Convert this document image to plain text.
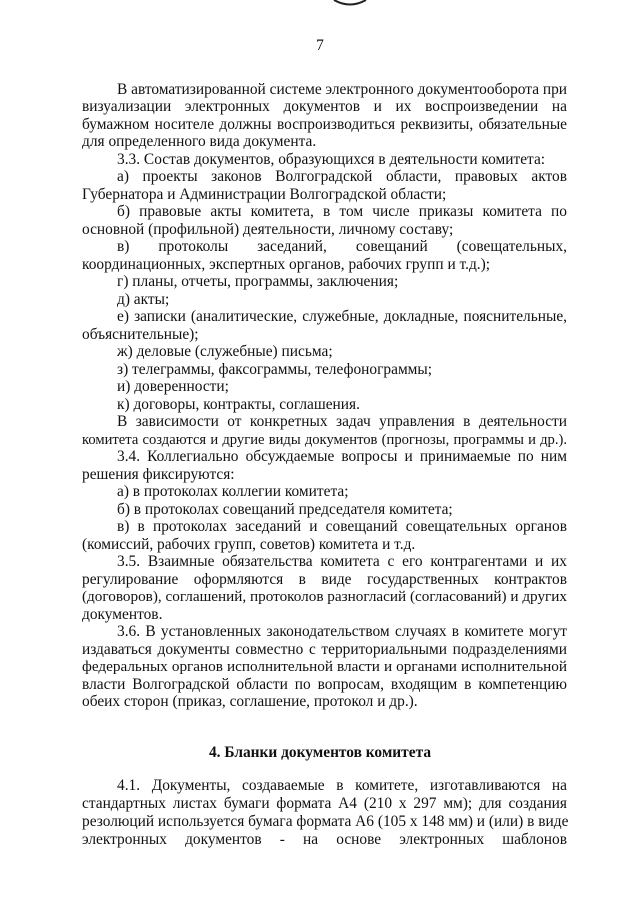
7
В автоматизированной системе электронного документооборота при
визуализации электронных документов и их воспроизведении на
бумажном носителе должны воспроизводиться реквизиты, обязательные
для определенного вида документа.
3.3. Состав документов, образующихся в деятельности комитета:
а) проекты законов Волгоградской области, правовых актов
Губернатора и Администрации Волгоградской области;
б) правовые акты комитета, в том числе приказы комитета по
основной (профильной) деятельности, личному составу;
в) протоколы заседаний, совещаний (совещательных,
координационных, экспертных органов, рабочих групп и т.д.);
г) планы, отчеты, программы, заключения;
д) акты;
е) записки (аналитические, служебные, докладные, пояснительные,
объяснительные);
ж) деловые (служебные) письма;
з) телеграммы, факсограммы, телефонограммы;
и) доверенности;
к) договоры, контракты, соглашения.
В зависимости от конкретных задач управления в деятельности
комитета создаются и другие виды документов (прогнозы, программы и др.).
3.4. Коллегиально обсуждаемые вопросы и принимаемые по ним
решения фиксируются:
а) в протоколах коллегии комитета;
б) в протоколах совещаний председателя комитета;
в) в протоколах заседаний и совещаний совещательных органов
(комиссий, рабочих групп, советов) комитета и т.д.
3.5. Взаимные обязательства комитета с его контрагентами и их
регулирование оформляются в виде государственных контрактов
(договоров), соглашений, протоколов разногласий (согласований) и других
документов.
3.6. В установленных законодательством случаях в комитете могут
издаваться документы совместно с территориальными подразделениями
федеральных органов исполнительной власти и органами исполнительной
власти Волгоградской области по вопросам, входящим в компетенцию
обеих сторон (приказ, соглашение, протокол и др.).
4. Бланки документов комитета
4.1. Документы, создаваемые в комитете, изготавливаются на
стандартных листах бумаги формата А4 (210 х 297 мм); для создания
резолюций используется бумага формата А6 (105 х 148 мм) и (или) в виде
электронных документов - на основе электронных шаблонов
